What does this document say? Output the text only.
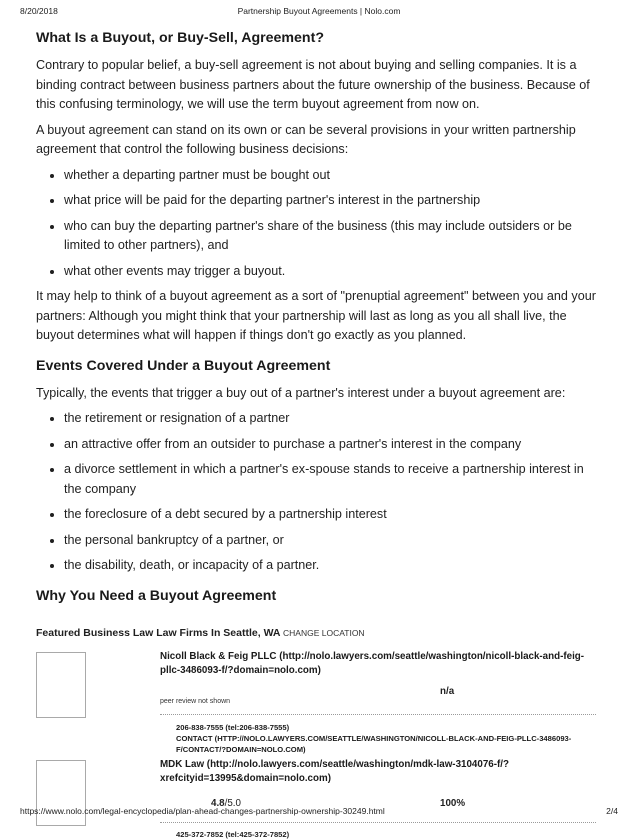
8/20/2018	Partnership Buyout Agreements | Nolo.com
What Is a Buyout, or Buy-Sell, Agreement?

Contrary to popular belief, a buy-sell agreement is not about buying and selling companies. It is a binding contract between business partners about the future ownership of the business. Because of this confusing terminology, we will use the term buyout agreement from now on.

A buyout agreement can stand on its own or can be several provisions in your written partnership agreement that control the following business decisions:

• whether a departing partner must be bought out
• what price will be paid for the departing partner's interest in the partnership
• who can buy the departing partner's share of the business (this may include outsiders or be limited to other partners), and
• what other events may trigger a buyout.

It may help to think of a buyout agreement as a sort of "prenuptial agreement" between you and your partners: Although you might think that your partnership will last as long as you all shall live, the buyout determines what will happen if things don't go exactly as you planned.

Events Covered Under a Buyout Agreement

Typically, the events that trigger a buy out of a partner's interest under a buyout agreement are:

• the retirement or resignation of a partner
• an attractive offer from an outsider to purchase a partner's interest in the company
• a divorce settlement in which a partner's ex-spouse stands to receive a partnership interest in the company
• the foreclosure of a debt secured by a partnership interest
• the personal bankruptcy of a partner, or
• the disability, death, or incapacity of a partner.
Why You Need a Buyout Agreement
Featured Business Law Law Firms In Seattle, WA CHANGE LOCATION
Nicoll Black & Feig PLLC (http://nolo.lawyers.com/seattle/washington/nicoll-black-and-feig-pllc-3486093-f/?domain=nolo.com)
n/a
peer review not shown
206-838-7555 (tel:206-838-7555)
CONTACT (HTTP://NOLO.LAWYERS.COM/SEATTLE/WASHINGTON/NICOLL-BLACK-AND-FEIG-PLLC-3486093-F/CONTACT/?DOMAIN=NOLO.COM)
MDK Law (http://nolo.lawyers.com/seattle/washington/mdk-law-3104076-f/?xrefcityid=13995&domain=nolo.com)
4.8/5.0	100%
425-372-7852 (tel:425-372-7852)
https://www.nolo.com/legal-encyclopedia/plan-ahead-changes-partnership-ownership-30249.html	2/4
